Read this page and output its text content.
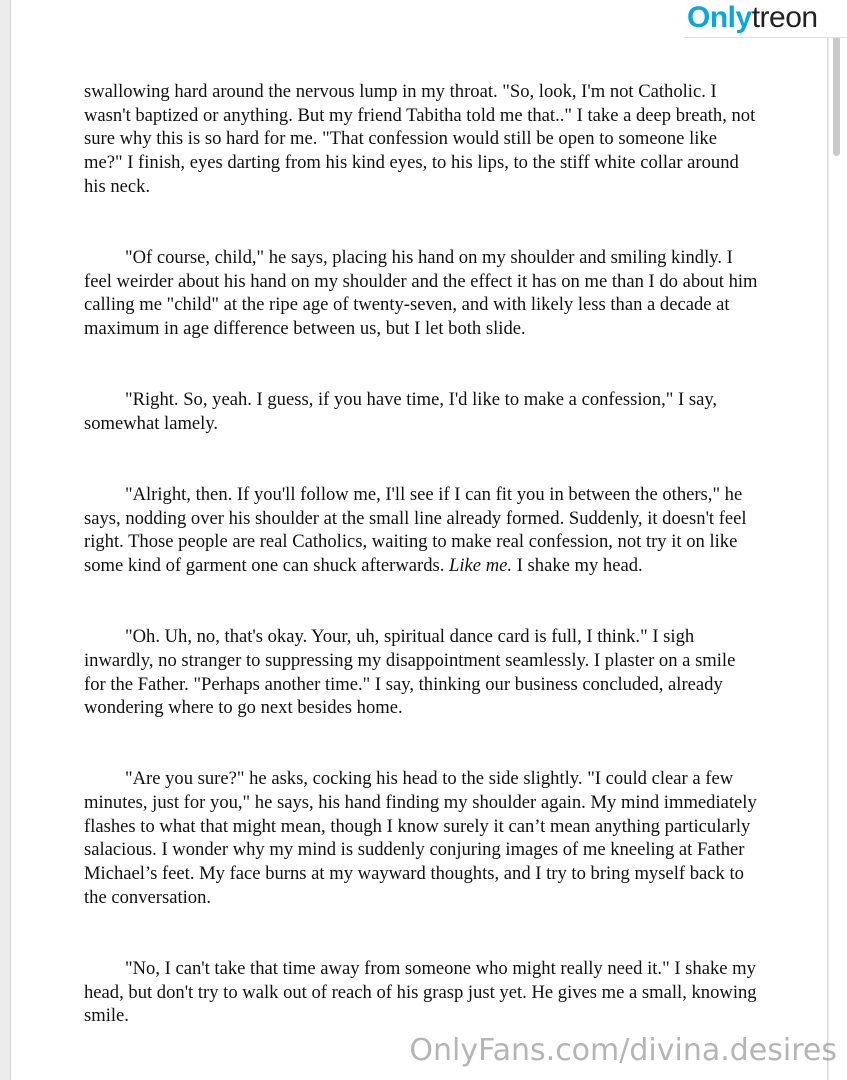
swallowing hard around the nervous lump in my throat. "So, look, I'm not Catholic. I wasn't baptized or anything. But my friend Tabitha told me that.." I take a deep breath, not sure why this is so hard for me. "That confession would still be open to someone like me?" I finish, eyes darting from his kind eyes, to his lips, to the stiff white collar around his neck.

"Of course, child," he says, placing his hand on my shoulder and smiling kindly. I feel weirder about his hand on my shoulder and the effect it has on me than I do about him calling me "child" at the ripe age of twenty-seven, and with likely less than a decade at maximum in age difference between us, but I let both slide.

"Right. So, yeah. I guess, if you have time, I'd like to make a confession," I say, somewhat lamely.

"Alright, then. If you'll follow me, I'll see if I can fit you in between the others," he says, nodding over his shoulder at the small line already formed. Suddenly, it doesn't feel right. Those people are real Catholics, waiting to make real confession, not try it on like some kind of garment one can shuck afterwards. Like me. I shake my head.

"Oh. Uh, no, that's okay. Your, uh, spiritual dance card is full, I think." I sigh inwardly, no stranger to suppressing my disappointment seamlessly. I plaster on a smile for the Father. "Perhaps another time." I say, thinking our business concluded, already wondering where to go next besides home.

"Are you sure?" he asks, cocking his head to the side slightly. "I could clear a few minutes, just for you," he says, his hand finding my shoulder again. My mind immediately flashes to what that might mean, though I know surely it can’t mean anything particularly salacious. I wonder why my mind is suddenly conjuring images of me kneeling at Father Michael’s feet. My face burns at my wayward thoughts, and I try to bring myself back to the conversation.

"No, I can't take that time away from someone who might really need it." I shake my head, but don't try to walk out of reach of his grasp just yet. He gives me a small, knowing smile.

Onlytreon
OnlyFans.com/divina.desires
